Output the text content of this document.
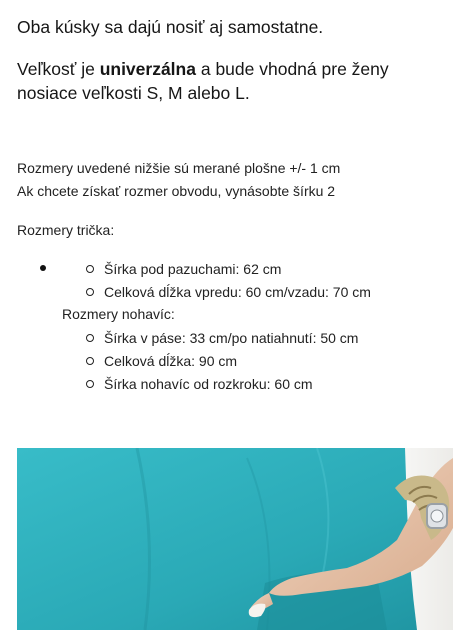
Oba kúsky sa dajú nosiť aj samostatne.
Veľkosť je univerzálna a bude vhodná pre ženy nosiace veľkosti S, M alebo L.
Rozmery uvedené nižšie sú merané plošne +/- 1 cm
Ak chcete získať rozmer obvodu, vynásobte šírku 2
Rozmery trička:
Šírka pod pazuchami: 62 cm
Celková dĺžka vpredu: 60 cm/vzadu: 70 cm
Rozmery nohavíc:
Šírka v páse: 33 cm/po natiahnutí: 50 cm
Celková dĺžka: 90 cm
Šírka nohavíc od rozkroku: 60 cm
